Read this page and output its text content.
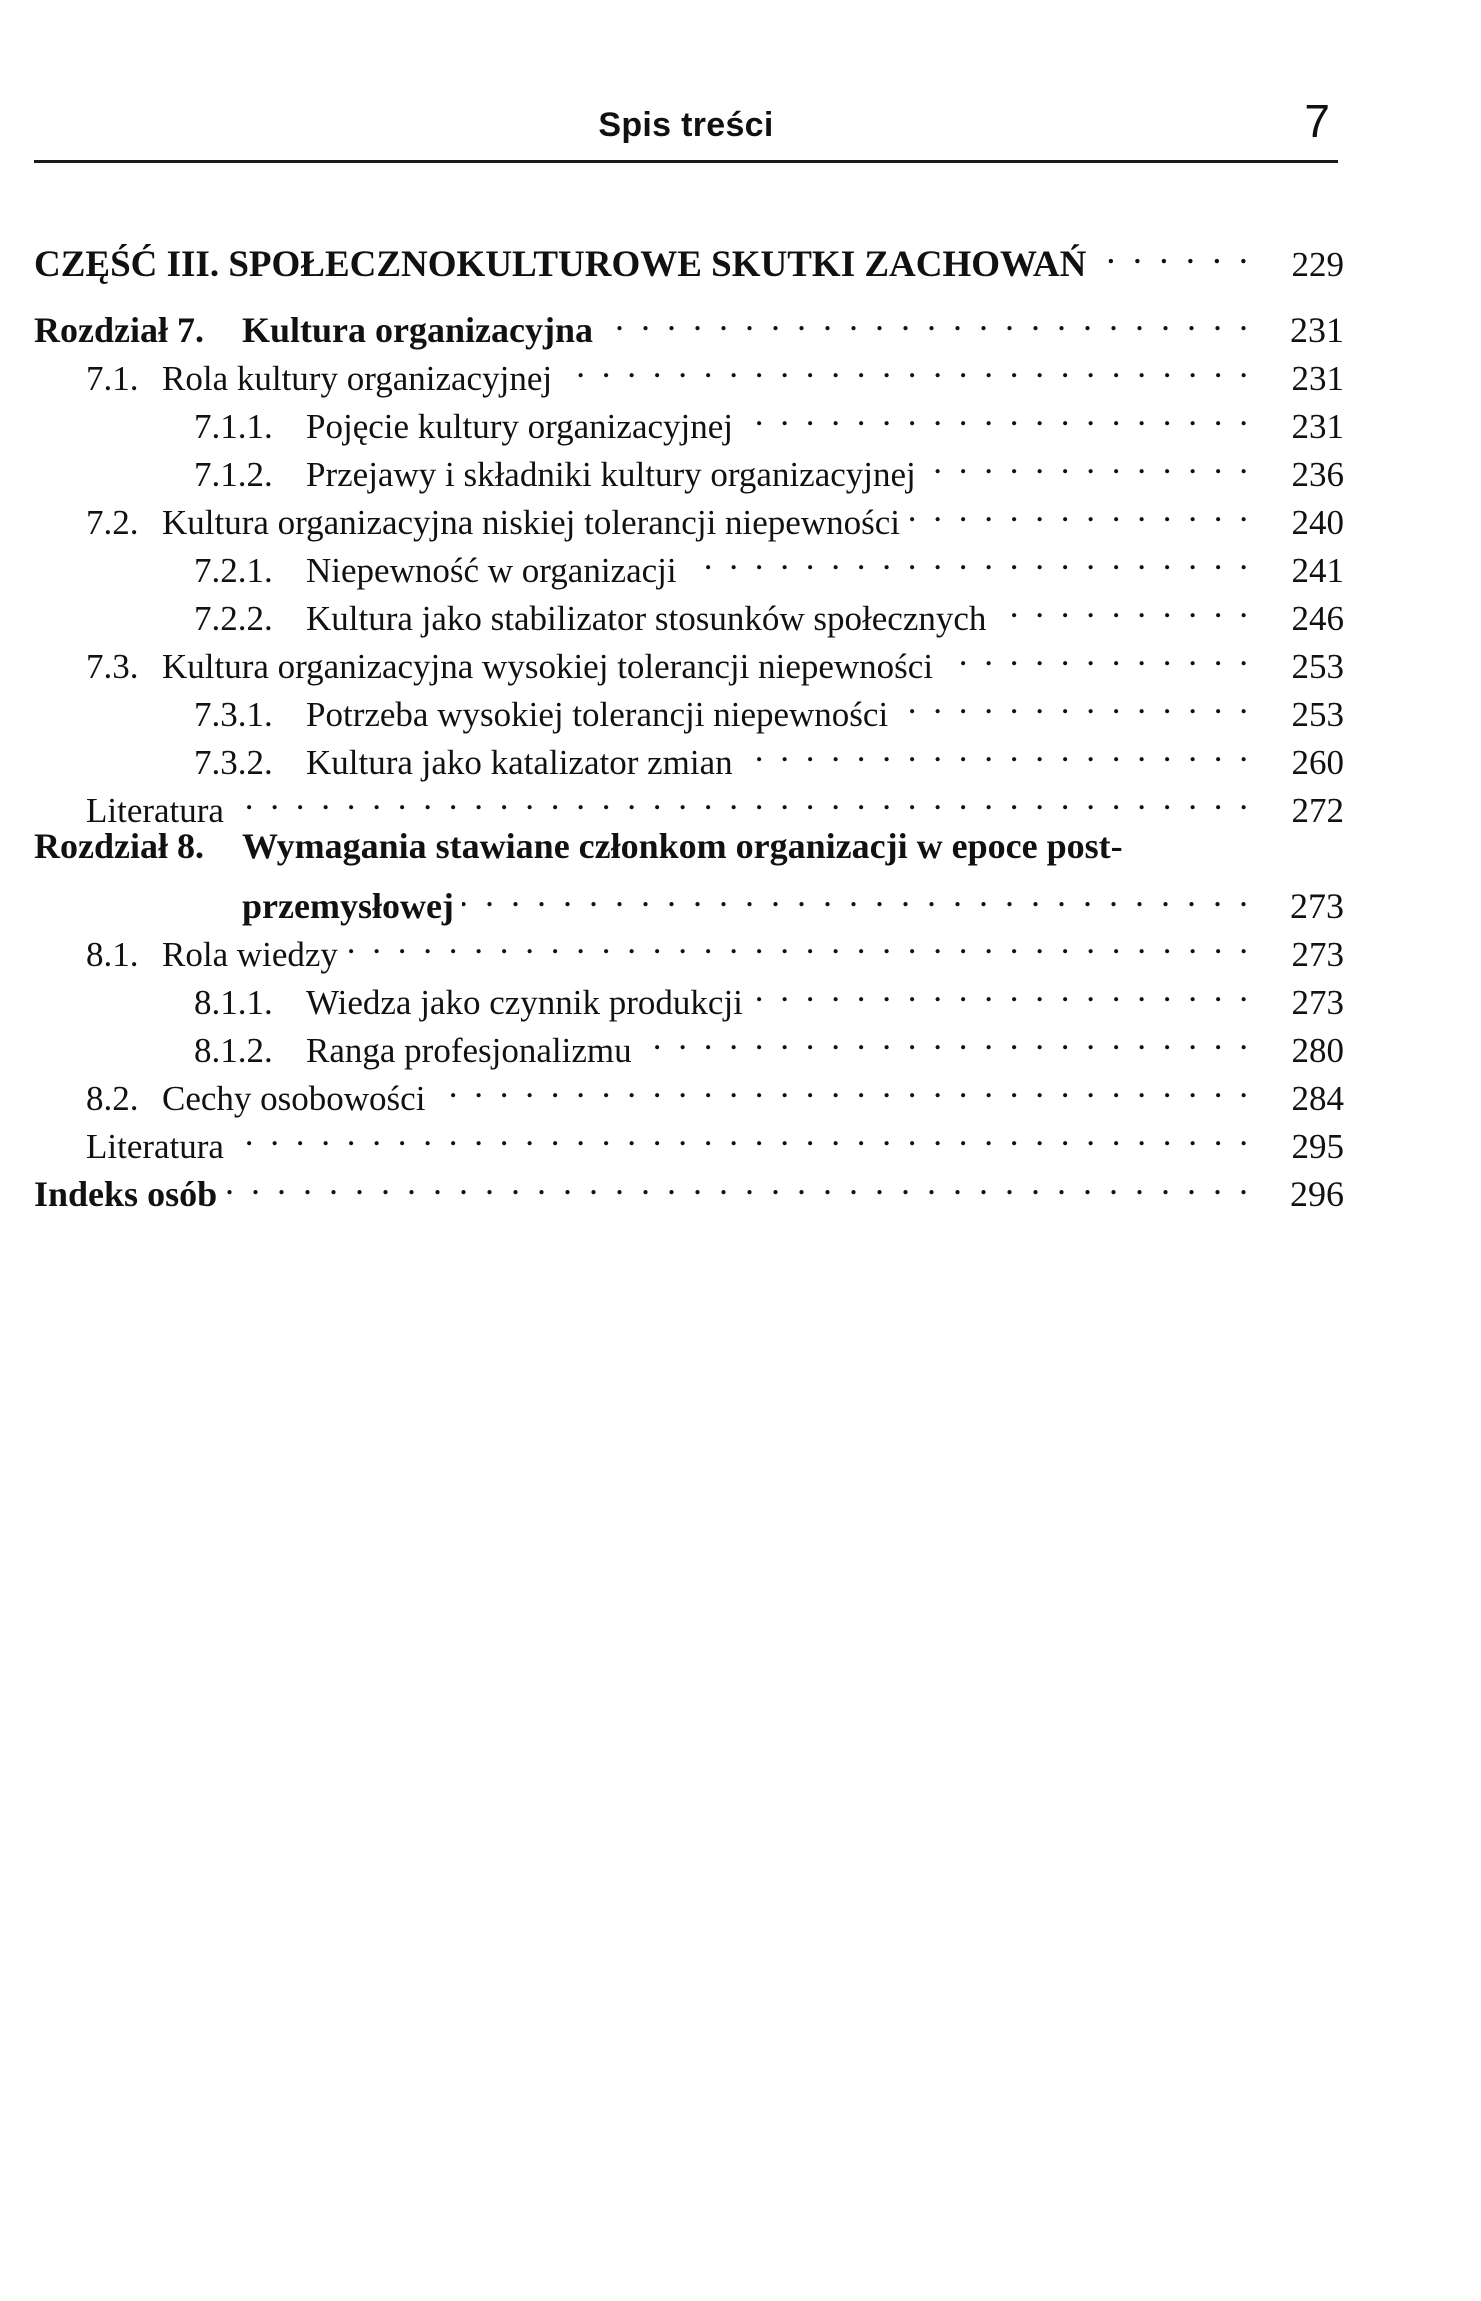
Spis treści	7
CZĘŚĆ III. SPOŁECZNOKULTUROWE SKUTKI ZACHOWAŃ . . .	229
Rozdział 7.	Kultura organizacyjna . . .	231
7.1. Rola kultury organizacyjnej . . .	231
7.1.1. Pojęcie kultury organizacyjnej . . .	231
7.1.2. Przejawy i składniki kultury organizacyjnej . . .	236
7.2. Kultura organizacyjna niskiej tolerancji niepewności . . .	240
7.2.1. Niepewność w organizacji . . .	241
7.2.2. Kultura jako stabilizator stosunków społecznych . . .	246
7.3. Kultura organizacyjna wysokiej tolerancji niepewności . . .	253
7.3.1. Potrzeba wysokiej tolerancji niepewności . . .	253
7.3.2. Kultura jako katalizator zmian . . .	260
Literatura . . .	272
Rozdział 8.	Wymagania stawiane członkom organizacji w epoce post-
przemysłowej . . .	273
8.1. Rola wiedzy . . .	273
8.1.1. Wiedza jako czynnik produkcji . . .	273
8.1.2. Ranga profesjonalizmu . . .	280
8.2. Cechy osobowości . . .	284
Literatura . . .	295
Indeks osób . . .	296
